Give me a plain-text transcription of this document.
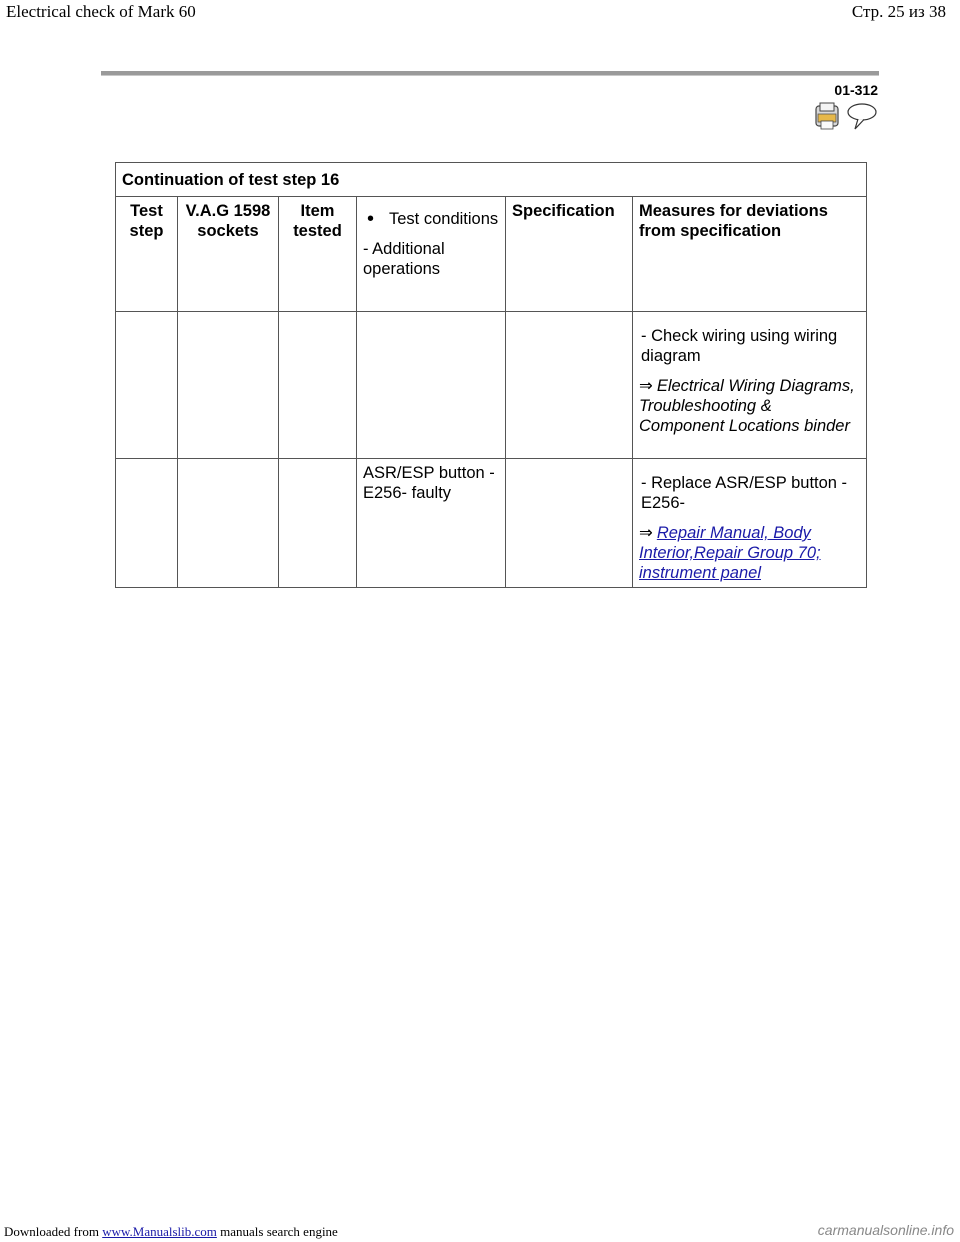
Electrical check of Mark 60	Стр. 25 из 38
01-312
Continuation of test step 16					
Test step	V.A.G 1598 sockets	Item tested	• Test conditions
- Additional operations	Specification	Measures for deviations from specification

					- Check wiring using wiring diagram
⇒ Electrical Wiring Diagrams, Troubleshooting & Component Locations binder

			ASR/ESP button -E256- faulty		- Replace ASR/ESP button -E256-
⇒ Repair Manual, Body Interior,Repair Group 70; instrument panel
Downloaded from www.Manualslib.com manuals search engine	carmanualsonline.info
